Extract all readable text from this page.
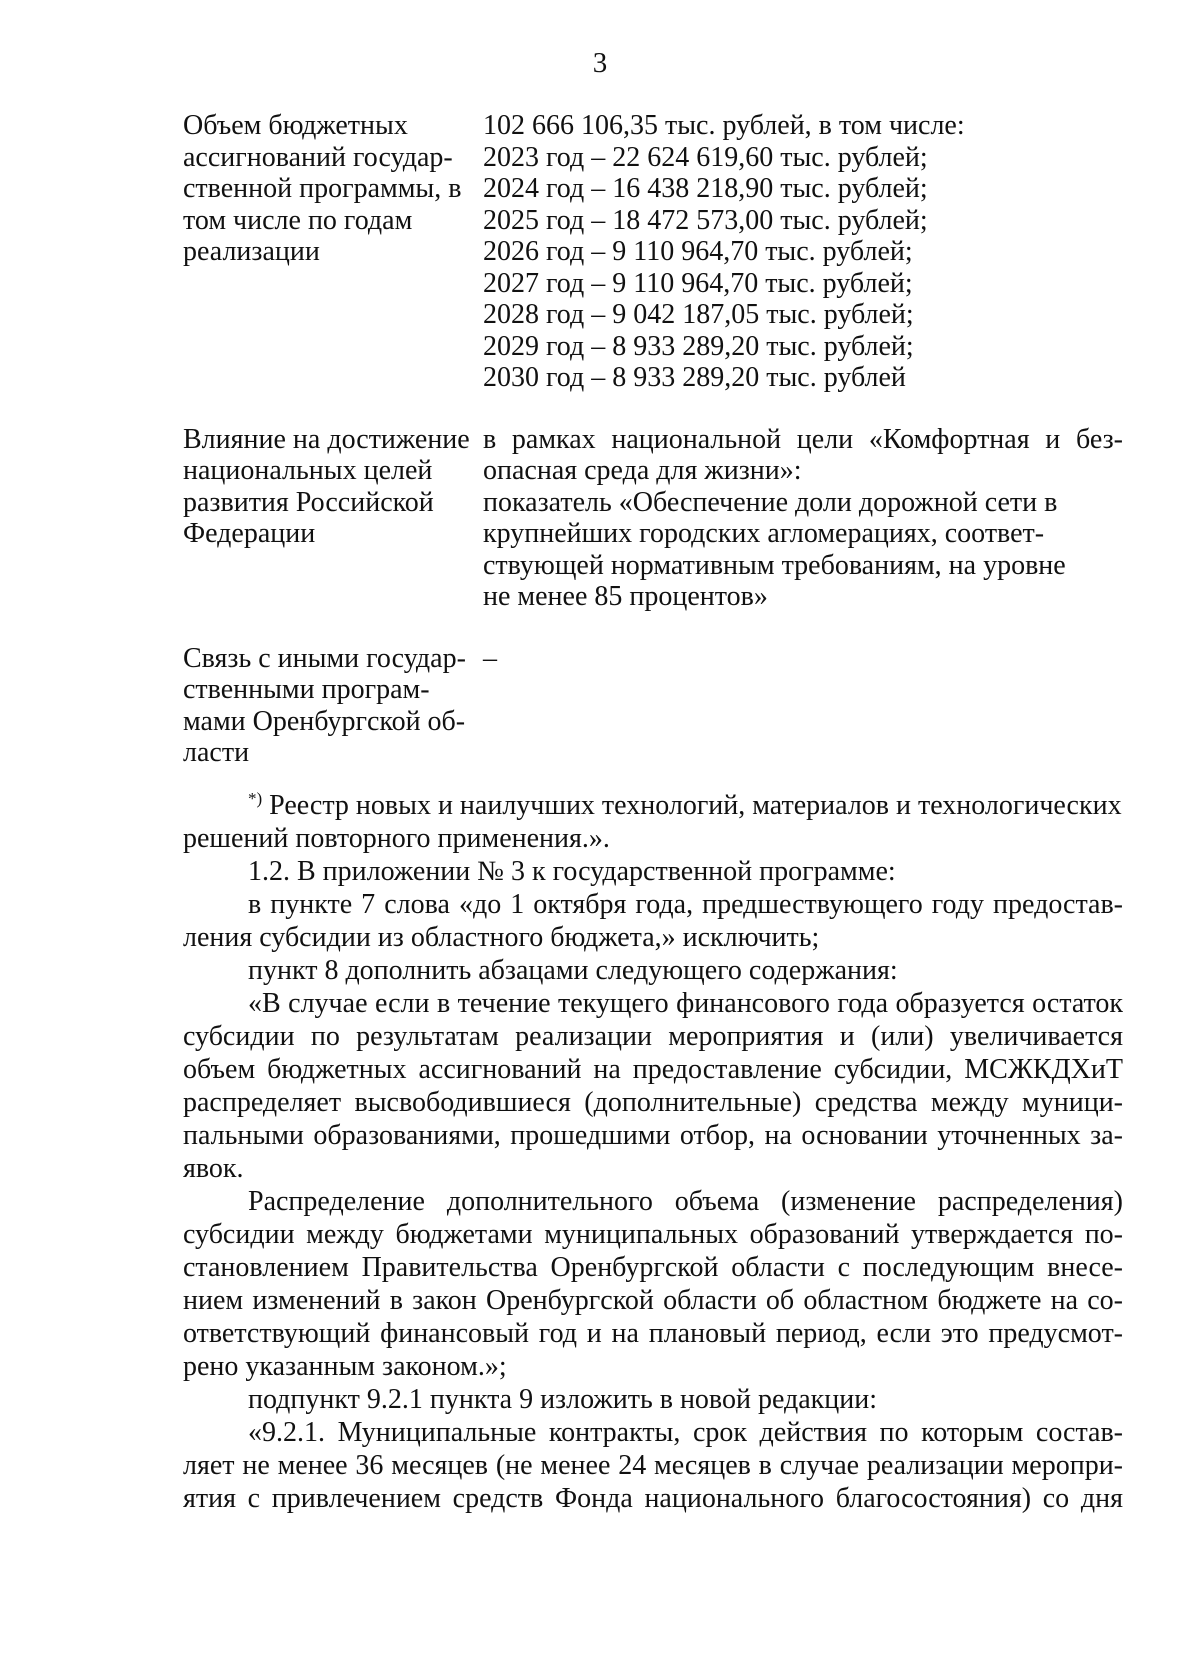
3
Объем бюджетных
ассигнований государ-
ственной программы, в
том числе по годам
реализации
102 666 106,35 тыс. рублей, в том числе:
2023 год – 22 624 619,60 тыс. рублей;
2024 год – 16 438 218,90 тыс. рублей;
2025 год – 18 472 573,00 тыс. рублей;
2026 год – 9 110 964,70 тыс. рублей;
2027 год – 9 110 964,70 тыс. рублей;
2028 год – 9 042 187,05 тыс. рублей;
2029 год – 8 933 289,20 тыс. рублей;
2030 год – 8 933 289,20 тыс. рублей
Влияние на достижение
национальных целей
развития Российской
Федерации
в рамках национальной цели «Комфортная и без-
опасная среда для жизни»:
показатель «Обеспечение доли дорожной сети в
крупнейших городских агломерациях, соответ-
ствующей нормативным требованиям, на уровне
не менее 85 процентов»
Связь с иными государ-
ственными програм-
мами Оренбургской об-
ласти
–
*) Реестр новых и наилучших технологий, материалов и технологических
решений повторного применения.».
1.2. В приложении № 3 к государственной программе:
в пункте 7 слова «до 1 октября года, предшествующего году предостав-
ления субсидии из областного бюджета,» исключить;
пункт 8 дополнить абзацами следующего содержания:
«В случае если в течение текущего финансового года образуется остаток
субсидии по результатам реализации мероприятия и (или) увеличивается
объем бюджетных ассигнований на предоставление субсидии, МСЖКДХиТ
распределяет высвободившиеся (дополнительные) средства между муници-
пальными образованиями, прошедшими отбор, на основании уточненных за-
явок.
Распределение дополнительного объема (изменение распределения)
субсидии между бюджетами муниципальных образований утверждается по-
становлением Правительства Оренбургской области с последующим внесе-
нием изменений в закон Оренбургской области об областном бюджете на со-
ответствующий финансовый год и на плановый период, если это предусмот-
рено указанным законом.»;
подпункт 9.2.1 пункта 9 изложить в новой редакции:
«9.2.1. Муниципальные контракты, срок действия по которым состав-
ляет не менее 36 месяцев (не менее 24 месяцев в случае реализации меропри-
ятия с привлечением средств Фонда национального благосостояния) со дня
